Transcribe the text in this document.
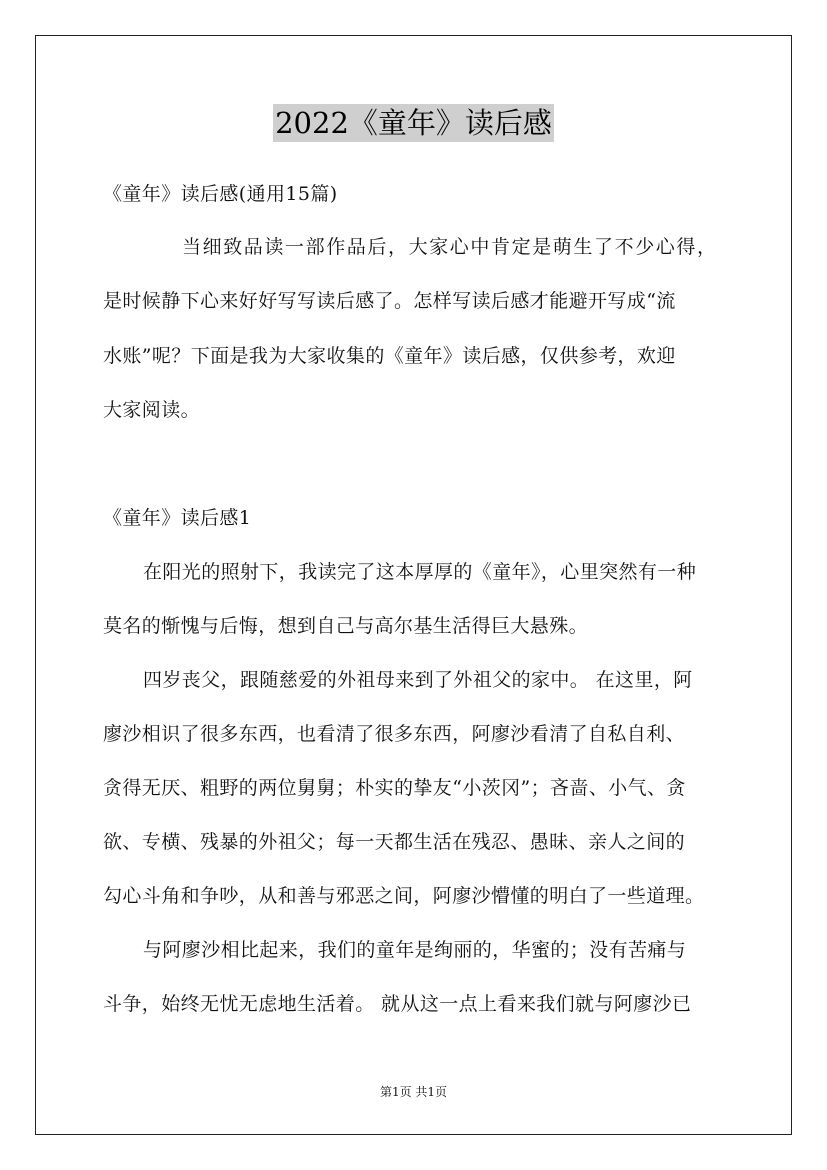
2022《童年》读后感
《童年》读后感(通用15篇)
当细致品读一部作品后，大家心中肯定是萌生了不少心得，
是时候静下心来好好写写读后感了。怎样写读后感才能避开写成“流
水账”呢？下面是我为大家收集的《童年》读后感，仅供参考，欢迎
大家阅读。
《童年》读后感1
在阳光的照射下，我读完了这本厚厚的《童年》，心里突然有一种
莫名的惭愧与后悔，想到自己与高尔基生活得巨大悬殊。
四岁丧父，跟随慈爱的外祖母来到了外祖父的家中。 在这里，阿
廖沙相识了很多东西，也看清了很多东西，阿廖沙看清了自私自利、
贪得无厌、粗野的两位舅舅；朴实的挚友“小茨冈”；吝啬、小气、贪
欲、专横、残暴的外祖父；每一天都生活在残忍、愚昧、亲人之间的
勾心斗角和争吵，从和善与邪恶之间，阿廖沙懵懂的明白了一些道理。
与阿廖沙相比起来，我们的童年是绚丽的，华蜜的；没有苦痛与
斗争，始终无忧无虑地生活着。 就从这一点上看来我们就与阿廖沙已
第1页 共1页
